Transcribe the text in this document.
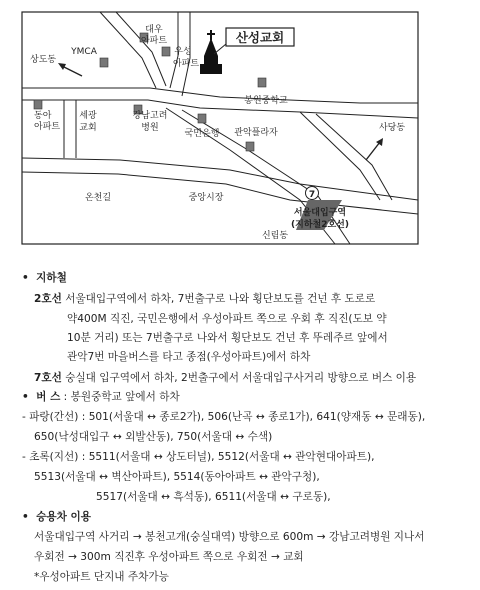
산성교회
7
대우
아파트
우성
아파트
YMCA
상도동
동아
아파트
세광
교회
강남고려
병원
국민은행
봉원중학교
관악플라자	사당동
온천길	중앙시장
서울대입구역
(지하철2호선)
신림동
•  지하철
2호선 서울대입구역에서 하차, 7번출구로 나와 횡단보도를 건넌 후 도로로
약400M 직진, 국민은행에서 우성아파트 쪽으로 우회 후 직진(도보 약
10분 거리) 또는 7번출구로 나와서 횡단보도 건넌 후 뚜레주르 앞에서
관악7번 마을버스를 타고 종점(우성아파트)에서 하차
7호선 숭실대 입구역에서 하차, 2번출구에서 서울대입구사거리 방향으로 버스 이용
•  버 스 : 봉원중학교 앞에서 하차
- 파랑(간선) : 501(서울대 ↔ 종로2가), 506(난곡 ↔ 종로1가), 641(양재동 ↔ 문래동),
650(낙성대입구 ↔ 외발산동), 750(서울대 ↔ 수색)
- 초록(지선) : 5511(서울대 ↔ 상도터널), 5512(서울대 ↔ 관악현대아파트),
5513(서울대 ↔ 벽산아파트), 5514(동아아파트 ↔ 관악구청),
5517(서울대 ↔ 흑석동), 6511(서울대 ↔ 구로동),
•  승용차 이용
서울대입구역 사거리 → 봉천고개(숭실대역) 방향으로 600m → 강남고려병원 지나서
우회전 → 300m 직진후 우성아파트 쪽으로 우회전 → 교회
*우성아파트 단지내 주차가능
